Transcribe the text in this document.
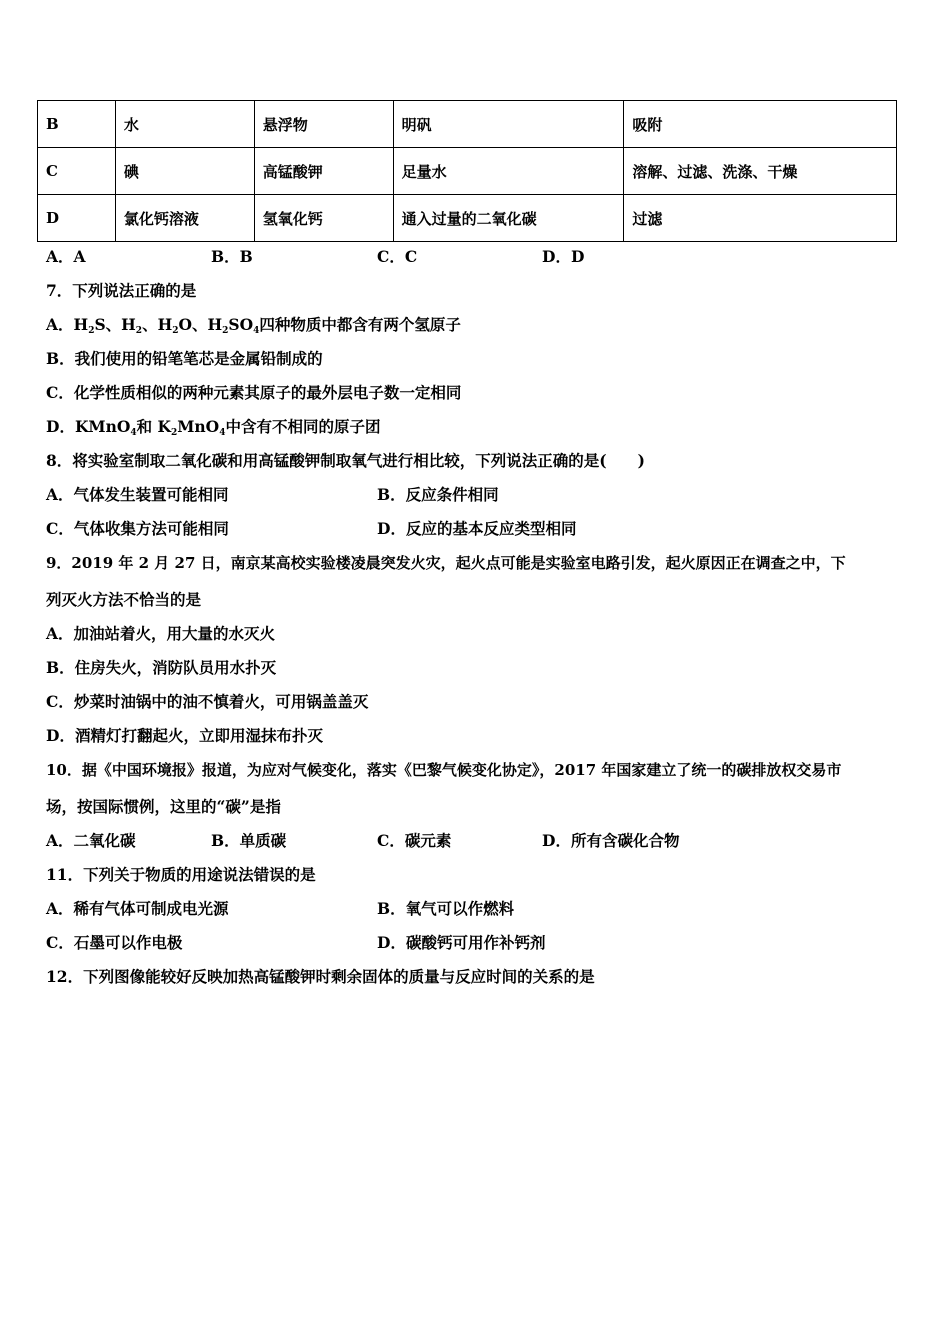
B	水	悬浮物	明矾	吸附
C	碘	高锰酸钾	足量水	溶解、过滤、洗涤、干燥
D	氯化钙溶液	氢氧化钙	通入过量的二氧化碳	过滤
A．A	B．B	C．C	D．D
7．下列说法正确的是
A．$H_2S$、$H_2$、$H_2O$、$H_2SO_4$四种物质中都含有两个氢原子
B．我们使用的铅笔笔芯是金属铅制成的
C．化学性质相似的两种元素其原子的最外层电子数一定相同
D．KMnO$_4$和 $K_2MnO_4$中含有不相同的原子团
8．将实验室制取二氧化碳和用高锰酸钾制取氧气进行相比较，下列说法正确的是(　　)
A．气体发生装置可能相同	B．反应条件相同
C．气体收集方法可能相同	D．反应的基本反应类型相同
9．2019 年 2 月 27 日，南京某高校实验楼凌晨突发火灾，起火点可能是实验室电路引发，起火原因正在调查之中，下
列灭火方法不恰当的是
A．加油站着火，用大量的水灭火
B．住房失火，消防队员用水扑灭
C．炒菜时油锅中的油不慎着火，可用锅盖盖灭
D．酒精灯打翻起火，立即用湿抹布扑灭
10．据《中国环境报》报道，为应对气候变化，落实《巴黎气候变化协定》，2017 年国家建立了统一的碳排放权交易市
场，按国际惯例，这里的“碳”是指
A．二氧化碳	B．单质碳	C．碳元素	D．所有含碳化合物
11．下列关于物质的用途说法错误的是
A．稀有气体可制成电光源	B．氧气可以作燃料
C．石墨可以作电极	D．碳酸钙可用作补钙剂
12．下列图像能较好反映加热高锰酸钾时剩余固体的质量与反应时间的关系的是
